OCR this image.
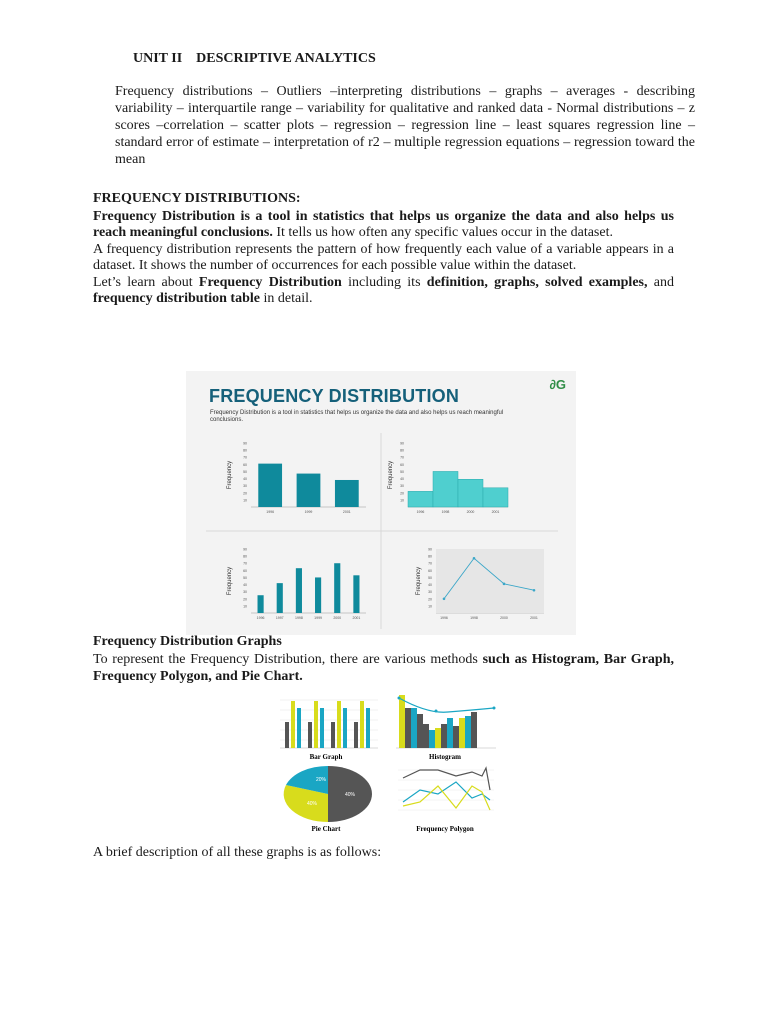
UNIT II DESCRIPTIVE ANALYTICS

Frequency distributions – Outliers –interpreting distributions – graphs – averages - describing variability – interquartile range – variability for qualitative and ranked data - Normal distributions – z scores –correlation – scatter plots – regression – regression line – least squares regression line – standard error of estimate – interpretation of r2 – multiple regression equations – regression toward the mean

FREQUENCY DISTRIBUTIONS:

Frequency Distribution is a tool in statistics that helps us organize the data and also helps us reach meaningful conclusions. It tells us how often any specific values occur in the dataset.

A frequency distribution represents the pattern of how frequently each value of a variable appears in a dataset. It shows the number of occurrences for each possible value within the dataset.

Let’s learn about Frequency Distribution including its definition, graphs, solved examples, and frequency distribution table in detail.

10
20
30
40
50
60
70
80
90
Frequency
1996	1999	2001
10
20
30
40
50
60
70
80
90
Frequency
1996	1998	2000	2001
10
20
30
40
50
60
70
80
90
Frequency
1996	1998	2000	2001
10
20
30
40
50
60
70
80
90
Frequency
1996	1997	1998	1999	2000	2001
FREQUENCY DISTRIBUTION
Frequency Distribution is a tool in statistics that helps us organize the data and also helps us reach meaningful conclusions.
∂G
Frequency Distribution Graphs

To represent the Frequency Distribution, there are various methods such as Histogram, Bar Graph, Frequency Polygon, and Pie Chart.

Bar Graph	Histogram
20%
40%
40%
Pie Chart	Frequency Polygon

A brief description of all these graphs is as follows:
